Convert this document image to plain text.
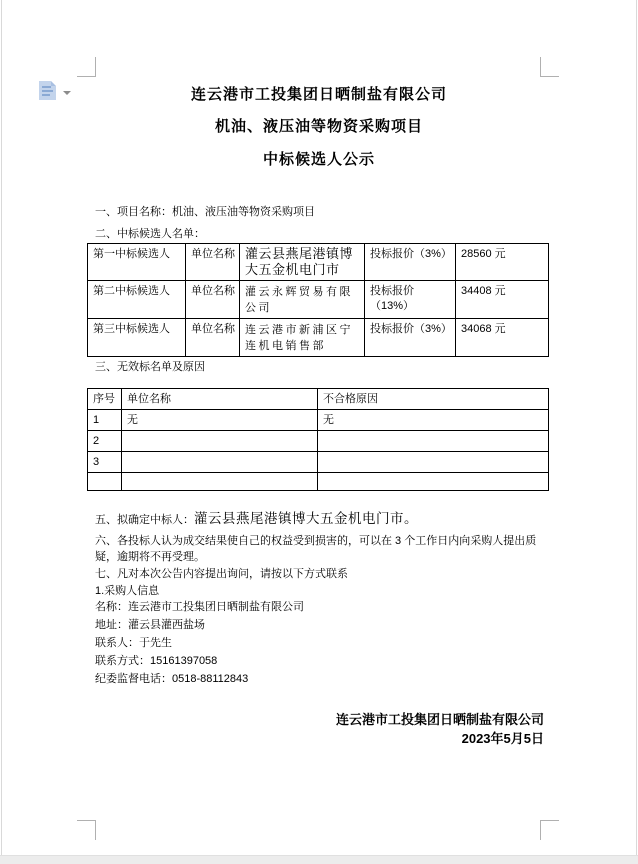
连云港市工投集团日晒制盐有限公司
机油、液压油等物资采购项目
中标候选人公示
一、项目名称：机油、液压油等物资采购项目
二、中标候选人名单：
第一中标候选人	单位名称	灌云县燕尾港镇博大五金机电门市	投标报价（3%）	28560 元
第二中标候选人	单位名称	灌云永辉贸易有限公司	投标报价（13%）	34408 元
第三中标候选人	单位名称	连云港市新浦区宁连机电销售部	投标报价（3%）	34068 元
三、无效标名单及原因
序号	单位名称	不合格原因
1	无	无
2		
3		

五、拟确定中标人：灌云县燕尾港镇博大五金机电门市。
六、各投标人认为成交结果使自己的权益受到损害的，可以在 3 个工作日内向采购人提出质疑，逾期将不再受理。
七、凡对本次公告内容提出询问，请按以下方式联系
1.采购人信息
名称：连云港市工投集团日晒制盐有限公司
地址：灌云县灌西盐场
联系人：于先生
联系方式：15161397058
纪委监督电话：0518-88112843
连云港市工投集团日晒制盐有限公司
2023年5月5日
